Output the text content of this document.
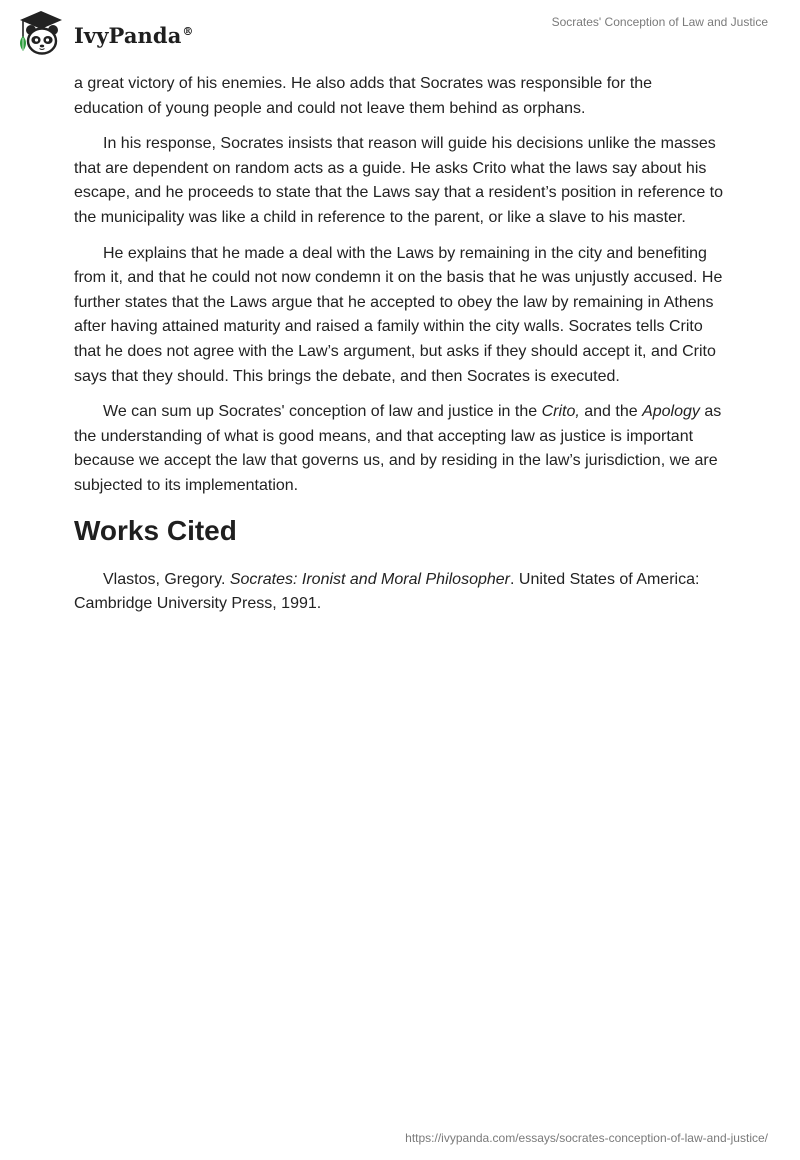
IvyPanda®
Socrates' Conception of Law and Justice

a great victory of his enemies. He also adds that Socrates was responsible for the education of young people and could not leave them behind as orphans.

In his response, Socrates insists that reason will guide his decisions unlike the masses that are dependent on random acts as a guide. He asks Crito what the laws say about his escape, and he proceeds to state that the Laws say that a resident’s position in reference to the municipality was like a child in reference to the parent, or like a slave to his master.

He explains that he made a deal with the Laws by remaining in the city and benefiting from it, and that he could not now condemn it on the basis that he was unjustly accused. He further states that the Laws argue that he accepted to obey the law by remaining in Athens after having attained maturity and raised a family within the city walls. Socrates tells Crito that he does not agree with the Law’s argument, but asks if they should accept it, and Crito says that they should. This brings the debate, and then Socrates is executed.

We can sum up Socrates' conception of law and justice in the Crito, and the Apology as the understanding of what is good means, and that accepting law as justice is important because we accept the law that governs us, and by residing in the law’s jurisdiction, we are subjected to its implementation.

Works Cited

Vlastos, Gregory. Socrates: Ironist and Moral Philosopher. United States of America: Cambridge University Press, 1991.

https://ivypanda.com/essays/socrates-conception-of-law-and-justice/
